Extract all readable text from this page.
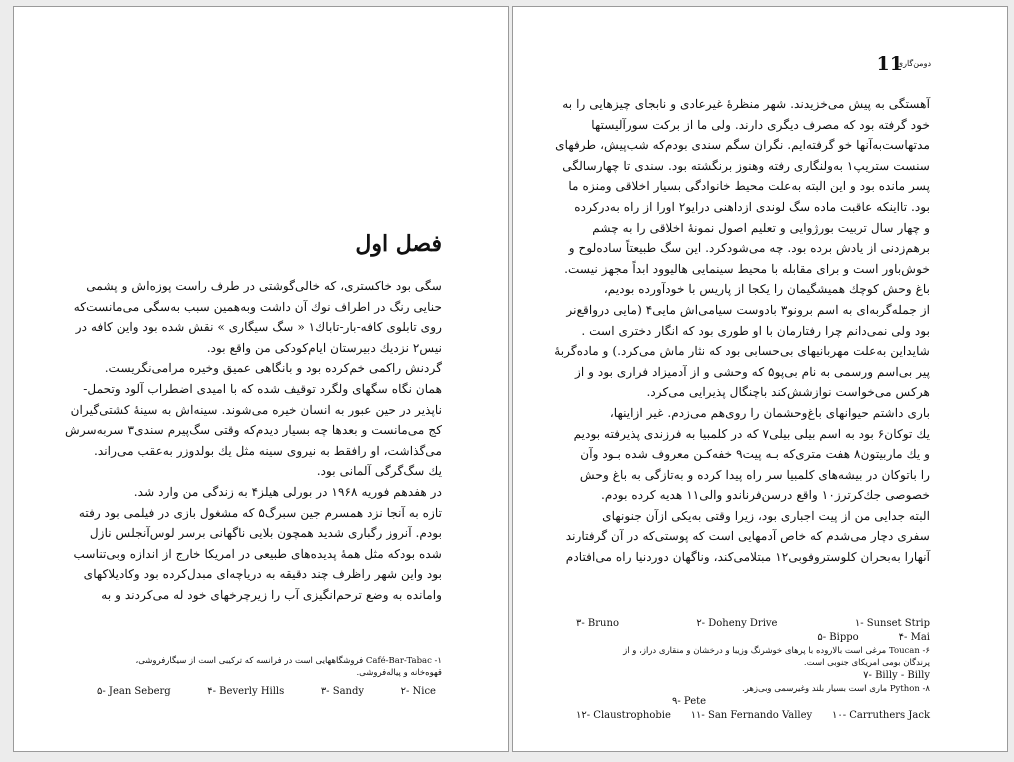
فصل اول
سگی بود خاکستری، که خالی‌گوشتی در طرف راست پوزه‌اش و پشمی
حنایی رنگ در اطراف نوك آن داشت وبه‌همین سبب به‌سگی می‌مانست‌که
روی تابلوی کافه-بار-تاباك۱ « سگ سیگاری » نقش شده بود واین کافه در
نیس۲ نزدیك دبیرستان ایام‌کودکی من واقع بود.
گردنش راکمی خم‌کرده بود و بانگاهی عمیق وخیره مرامی‌نگریست.
همان نگاه سگهای ولگرد توقیف شده که با امیدی اضطراب آلود وتحمل-
ناپذیر در حین عبور به انسان خیره می‌شوند. سینه‌اش به سینهٔ کشتی‌گیران
کج می‌مانست و بعدها چه بسیار دیدم‌که وقتی سگ‌پیرم سندی۳ سربه‌سرش
می‌گذاشت، او رافقط به نیروی سینه مثل یك بولدوزر به‌عقب می‌راند.
یك سگ‌گرگی آلمانی بود.
در هفدهم فوریه ۱۹۶۸ در بورلی هیلز۴ به زندگی من وارد شد.
تازه به آنجا نزد همسرم جین سبرگ۵ که مشغول بازی در فیلمی بود رفته
بودم. آنروز رگباری شدید همچون بلایی ناگهانی برسر لوس‌آنجلس نازل
شده بودکه مثل همهٔ پدیده‌های طبیعی در امریکا خارج از اندازه وبی‌تناسب
بود واین شهر راظرف چند دقیقه به دریاچه‌ای مبدل‌کرده بود وکادیلاکهای
وامانده به وضع ترحم‌انگیزی آب را زیرچرخهای خود له می‌کردند و به
۱- Café-Bar-Tabac فروشگاههایی است در فرانسه که ترکیبی است از سیگارفروشی،
قهوه‌خانه و پیاله‌فروشی.
۵- Jean Seberg	۴- Beverly Hills	۳- Sandy	۲- Nice
دومن‌گاری
11
آهستگی به پیش می‌خزیدند. شهر منظرهٔ غیرعادی و نابجای چیزهایی را به
خود گرفته بود که مصرف دیگری دارند. ولی ما از برکت سورآلیستها
مدتهاست‌به‌آنها خو گرفته‌ایم. نگران سگم سندی بودم‌که شب‌پیش، طرفهای
سنست ستریپ۱ به‌ولنگاری رفته وهنوز برنگشته بود. سندی تا چهارسالگی
پسر مانده بود و این البته به‌علت محیط خانوادگی بسیار اخلاقی ومنزه ما
بود. تااینکه عاقبت ماده سگ لوندی ازداهنی درایو۲ اورا از راه به‌درکرده
و چهار سال تربیت بورژوایی و تعلیم اصول نمونهٔ اخلاقی را به چشم
برهم‌زدنی از یادش برده بود. چه می‌شودکرد. این سگ طبیعتاً ساده‌لوح و
خوش‌باور است و برای مقابله با محیط سینمایی هالیوود ابداً مجهز نیست.
باغ وحش کوچك همیشگیمان را یکجا از پاریس با خودآورده بودیم،
از جمله‌گربه‌ای به اسم برونو۳ بادوست سیامی‌اش مایی۴ (مایی درواقع‌نر
بود ولی نمی‌دانم چرا رفتارمان با او طوری بود که انگار دختری است .
شایداین به‌علت مهربانیهای بی‌حسابی بود که نثار ماش می‌کرد.) و ماده‌گربهٔ
پیر بی‌اسم ورسمی به نام بی‌پو۵ که وحشی و از آدمیزاد فراری بود و از
هرکس می‌خواست نوازشش‌کند باچنگال پذیرایی می‌کرد.
باری داشتم حیوانهای باغ‌وحشمان را روی‌هم می‌زدم. غیر ازاینها،
یك توکان۶ بود به اسم بیلی بیلی۷ که در کلمبیا به فرزندی پذیرفته بودیم
و یك ماربیتون۸ هفت متری‌که بـه پیت۹ خفه‌کـن معروف شده بـود وآن
را باتوکان در بیشه‌های کلمبیا سر راه پیدا کرده و به‌تازگی به باغ وحش
خصوصی جك‌کرترز۱۰ واقع درسن‌فرناندو والی۱۱ هدیه کرده بودم.
البته جدایی من از پیت اجباری بود، زیرا وقتی به‌یکی ازآن جنونهای
سفری دچار می‌شدم که خاص آدمهایی است که پوستی‌که در آن گرفتارند
آنهارا به‌بحران کلوستروفوبی۱۲ مبتلامی‌کند، وناگهان دوردنیا راه می‌افتادم
۳- Bruno	۲- Doheny Drive	۱- Sunset Strip
۵- Bippo	۴- Mai
۶- Toucan مرغی است بالاروده با پرهای خوشرنگ وزیبا و درخشان و منقاری دراز، و از
پرندگان بومی امریکای جنوبی است.
۷- Billy - Billy
۸- Python ماری است بسیار بلند وغیرسمی وبی‌زهر.
۹- Pete
۱۲- Claustrophobie ۱۱- San Fernando Valley ۱۰- Carruthers Jack
